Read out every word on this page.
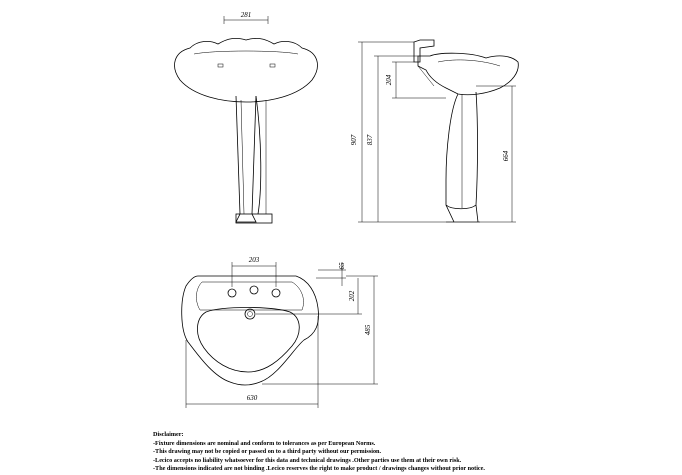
281
907 837
204
664
203
65
202
485
630
Disclaimer:
-Fixture dimensions are nominal and conform to tolerances as per European Norms.
-This drawing may not be copied or passed on to a third party without our permission.
-Lecico accepts no liability whatsoever for this data and technical drawings .Other parties use them at their own risk.
-The dimensions indicated are not binding .Lecico reserves the right to make product / drawings changes without prior notice.
